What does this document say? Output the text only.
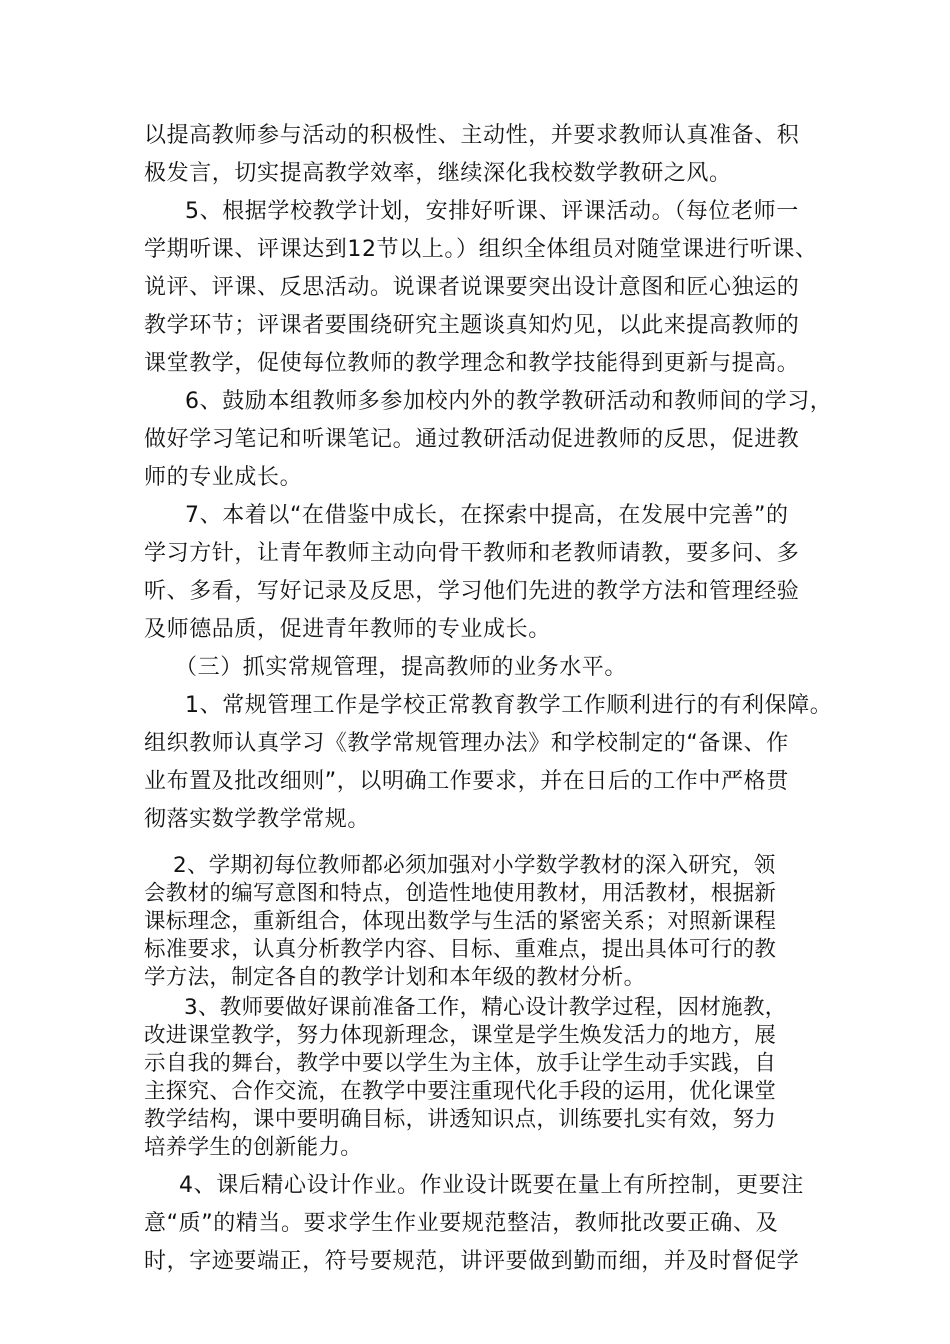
以提高教师参与活动的积极性、主动性，并要求教师认真准备、积
极发言，切实提高教学效率，继续深化我校数学教研之风。
5、根据学校教学计划，安排好听课、评课活动。（每位老师一
学期听课、评课达到12节以上。）组织全体组员对随堂课进行听课、
说评、评课、反思活动。说课者说课要突出设计意图和匠心独运的
教学环节；评课者要围绕研究主题谈真知灼见，以此来提高教师的
课堂教学，促使每位教师的教学理念和教学技能得到更新与提高。
6、鼓励本组教师多参加校内外的教学教研活动和教师间的学习，
做好学习笔记和听课笔记。通过教研活动促进教师的反思，促进教
师的专业成长。
7、本着以“在借鉴中成长，在探索中提高，在发展中完善”的
学习方针，让青年教师主动向骨干教师和老教师请教，要多问、多
听、多看，写好记录及反思，学习他们先进的教学方法和管理经验
及师德品质，促进青年教师的专业成长。
（三）抓实常规管理，提高教师的业务水平。
1、常规管理工作是学校正常教育教学工作顺利进行的有利保障。
组织教师认真学习《教学常规管理办法》和学校制定的“备课、作
业布置及批改细则”，以明确工作要求，并在日后的工作中严格贯
彻落实数学教学常规。
2、学期初每位教师都必须加强对小学数学教材的深入研究，领
会教材的编写意图和特点，创造性地使用教材，用活教材，根据新
课标理念，重新组合，体现出数学与生活的紧密关系；对照新课程
标准要求，认真分析教学内容、目标、重难点，提出具体可行的教
学方法，制定各自的教学计划和本年级的教材分析。
3、教师要做好课前准备工作，精心设计教学过程，因材施教，
改进课堂教学，努力体现新理念，课堂是学生焕发活力的地方，展
示自我的舞台，教学中要以学生为主体，放手让学生动手实践，自
主探究、合作交流，在教学中要注重现代化手段的运用，优化课堂
教学结构，课中要明确目标，讲透知识点，训练要扎实有效，努力
培养学生的创新能力。
4、课后精心设计作业。作业设计既要在量上有所控制，更要注
意“质”的精当。要求学生作业要规范整洁，教师批改要正确、及
时，字迹要端正，符号要规范，讲评要做到勤而细，并及时督促学
